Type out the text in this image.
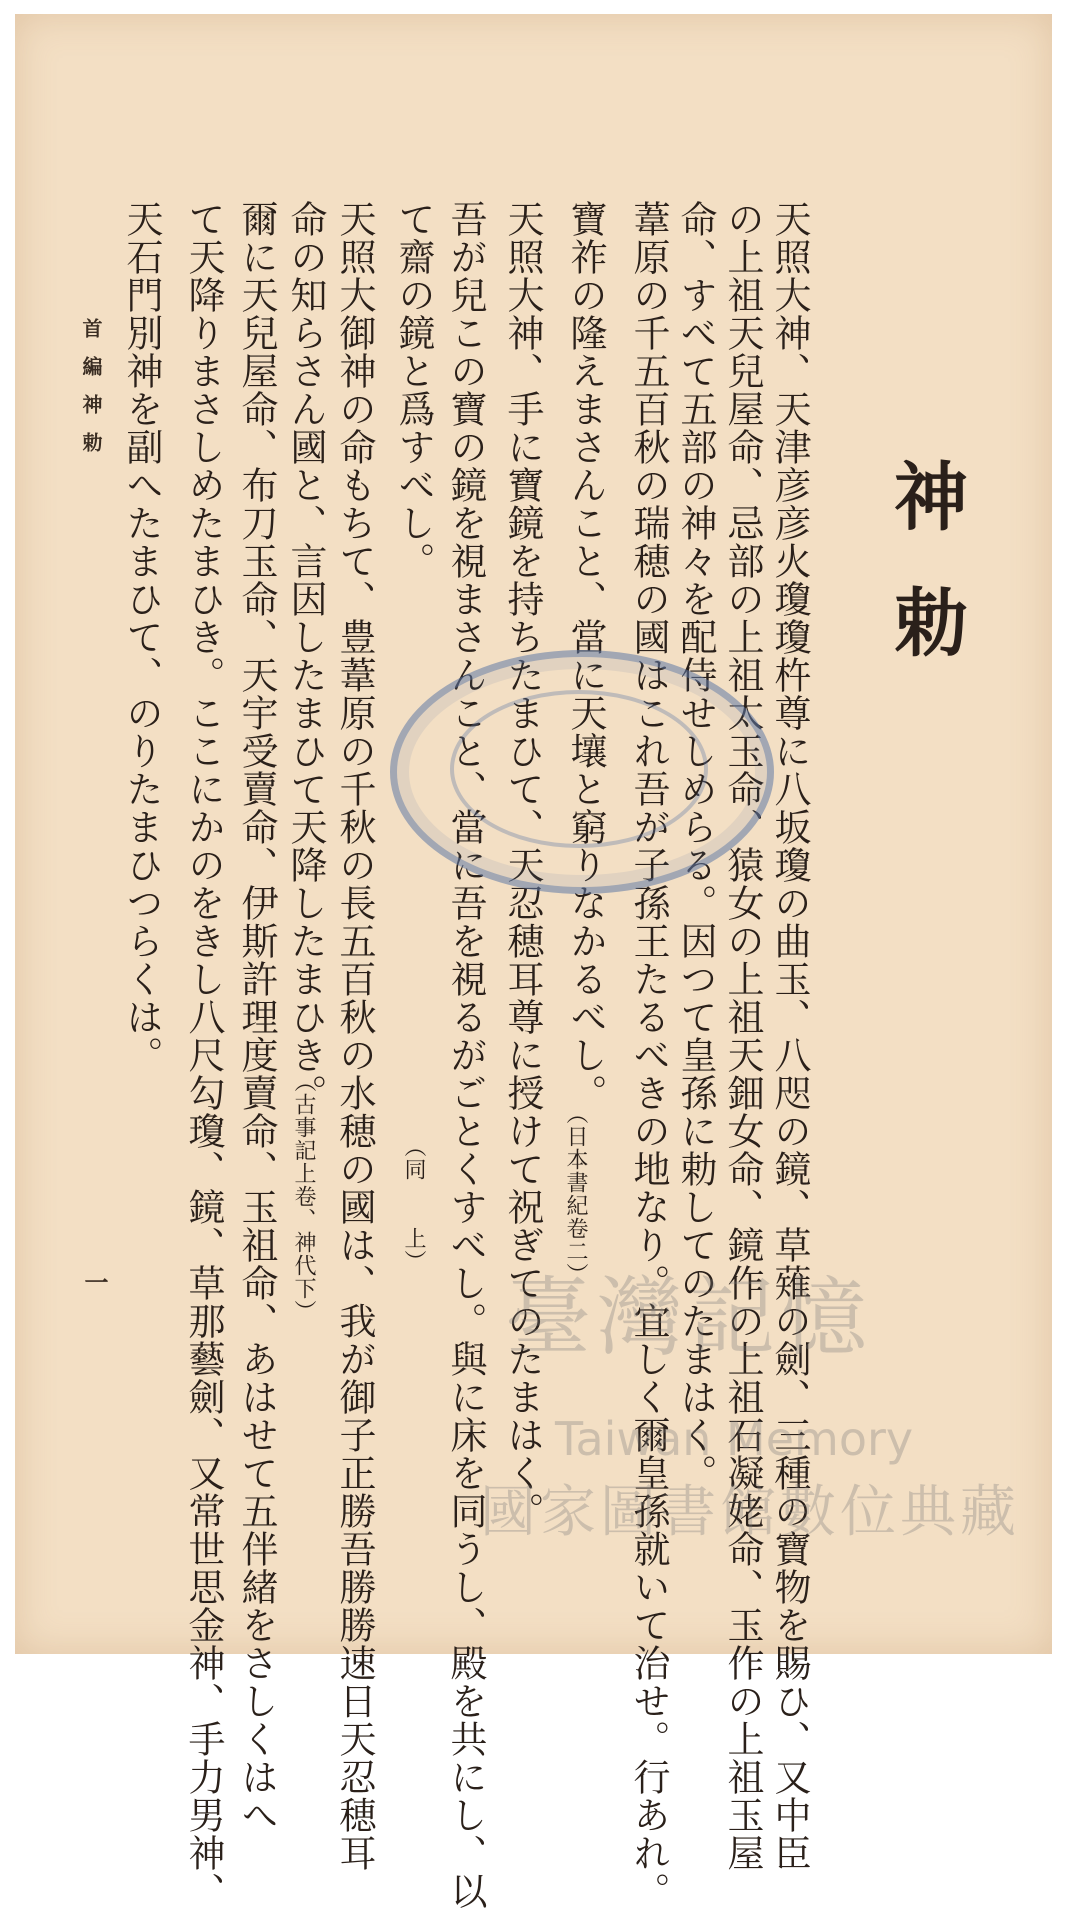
神勅
天照大神、天津彦彦火瓊瓊杵尊に八坂瓊の曲玉、八咫の鏡、草薙の劍、三種の寶物を賜ひ、又中臣
の上祖天兒屋命、忌部の上祖太玉命、猿女の上祖天鈿女命、鏡作の上祖石凝姥命、玉作の上祖玉屋
命、すべて五部の神々を配侍せしめらる。因つて皇孫に勅してのたまはく。
葦原の千五百秋の瑞穂の國はこれ吾が子孫王たるべきの地なり。宜しく爾皇孫就いて治せ。行あれ。
寶祚の隆えまさんこと、當に天壤と窮りなかるべし。
天照大神、手に寶鏡を持ちたまひて、天忍穂耳尊に授けて祝ぎてのたまはく。
吾が兒この寶の鏡を視まさんこと、當に吾を視るがごとくすべし。與に床を同うし、殿を共にし、以
て齋の鏡と爲すべし。
天照大御神の命もちて、豊葦原の千秋の長五百秋の水穂の國は、我が御子正勝吾勝勝速日天忍穂耳
命の知らさん國と、言因したまひて天降したまひき。
爾に天兒屋命、布刀玉命、天宇受賣命、伊斯許理度賣命、玉祖命、あはせて五伴緒をさしくはへ
て天降りまさしめたまひき。ここにかのをきし八尺勾瓊、鏡、草那藝劍、又常世思金神、手力男神、
天石門別神を副へたまひて、のりたまひつらくは。
（日本書紀卷二）
（同　　上）
（古事記上卷、神代下）
首編神勅
一	臺灣記憶
Taiwan Memory
國家圖書館數位典藏
